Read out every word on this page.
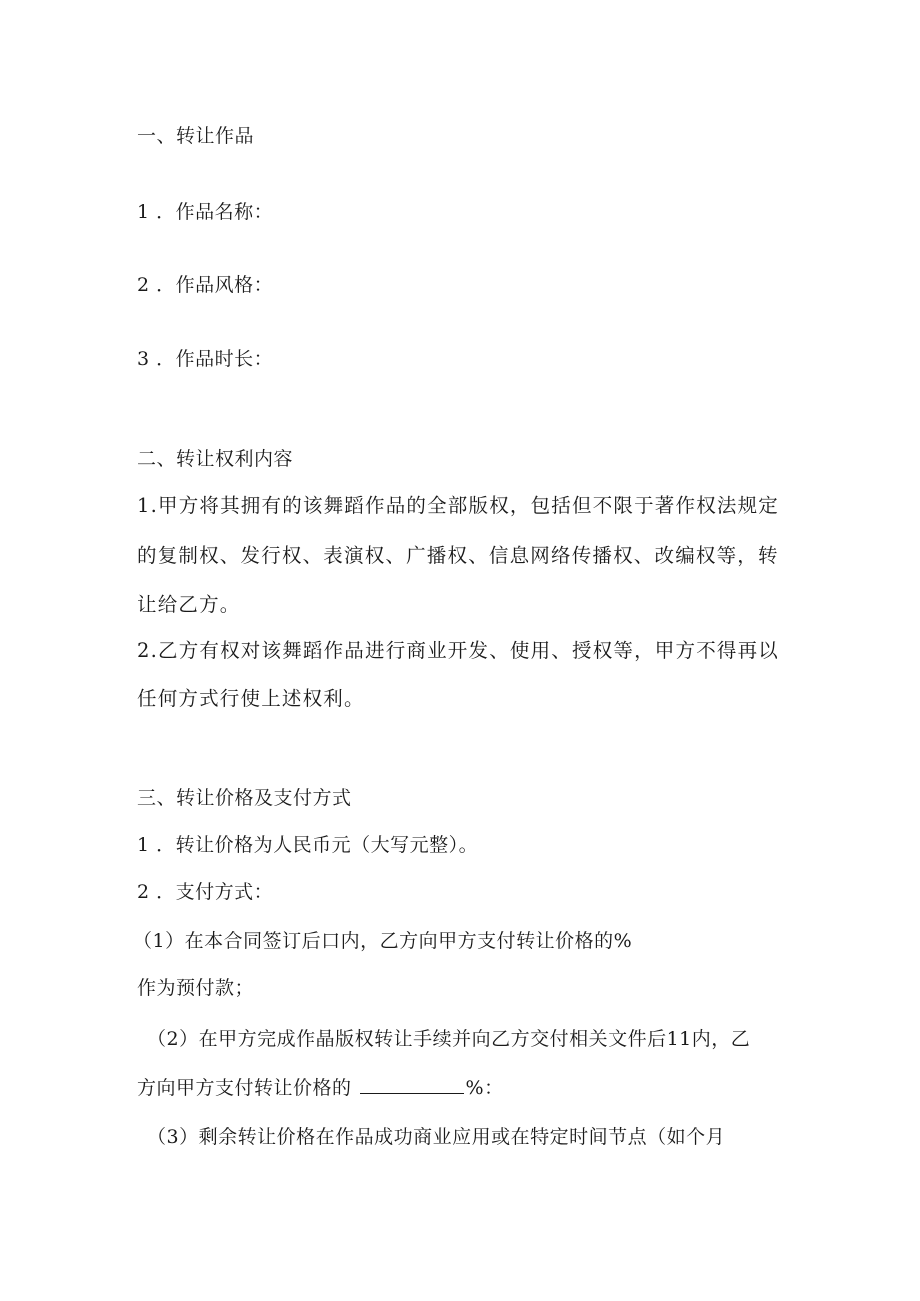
一、转让作品
1 ．作品名称：
2 ．作品风格：
3 ．作品时长：
二、转让权利内容
1.甲方将其拥有的该舞蹈作品的全部版权，包括但不限于著作权法规定
的复制权、发行权、表演权、广播权、信息网络传播权、改编权等，转
让给乙方。
2.乙方有权对该舞蹈作品进行商业开发、使用、授权等，甲方不得再以
任何方式行使上述权利。
三、转让价格及支付方式
1 ．转让价格为人民币元（大写元整）。
2 ．支付方式：
（1）在本合同签订后口内，乙方向甲方支付转让价格的%
作为预付款；
（2）在甲方完成作晶版权转让手续并向乙方交付相关文件后11内，乙
方向甲方支付转让价格的	%：
（3）剩余转让价格在作品成功商业应用或在特定时间节点（如个月
